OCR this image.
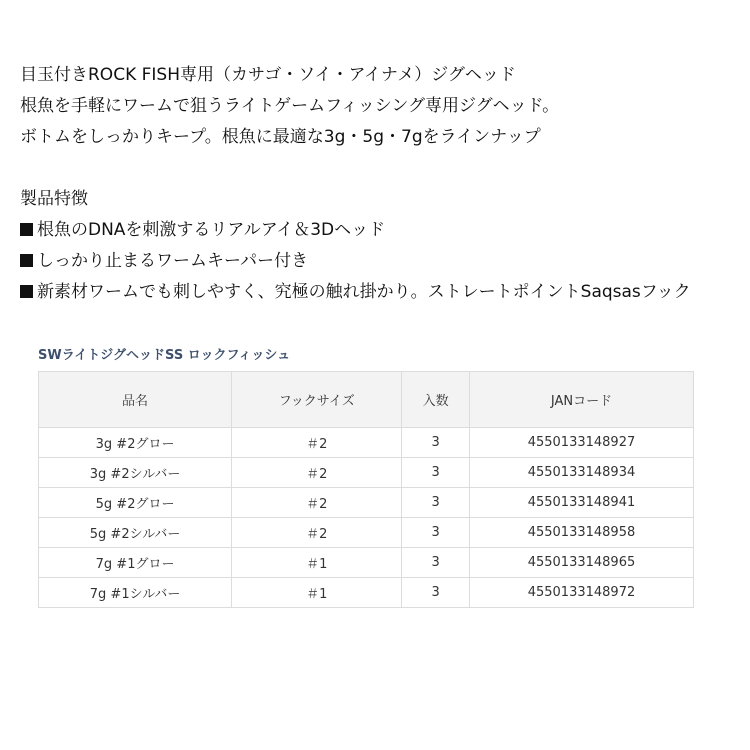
目玉付きROCK FISH専用（カサゴ・ソイ・アイナメ）ジグヘッド
根魚を手軽にワームで狙うライトゲームフィッシング専用ジグヘッド。
ボトムをしっかりキープ。根魚に最適な3g・5g・7gをラインナップ
製品特徴
根魚のDNAを刺激するリアルアイ＆3Dヘッド
しっかり止まるワームキーパー付き
新素材ワームでも刺しやすく、究極の触れ掛かり。ストレートポイントSaqsasフック
SWライトジグヘッドSS ロックフィッシュ
品名	フックサイズ	入数	JANコード
3g #2グロー	＃2	3	4550133148927
3g #2シルバー	＃2	3	4550133148934
5g #2グロー	＃2	3	4550133148941
5g #2シルバー	＃2	3	4550133148958
7g #1グロー	＃1	3	4550133148965
7g #1シルバー	＃1	3	4550133148972
